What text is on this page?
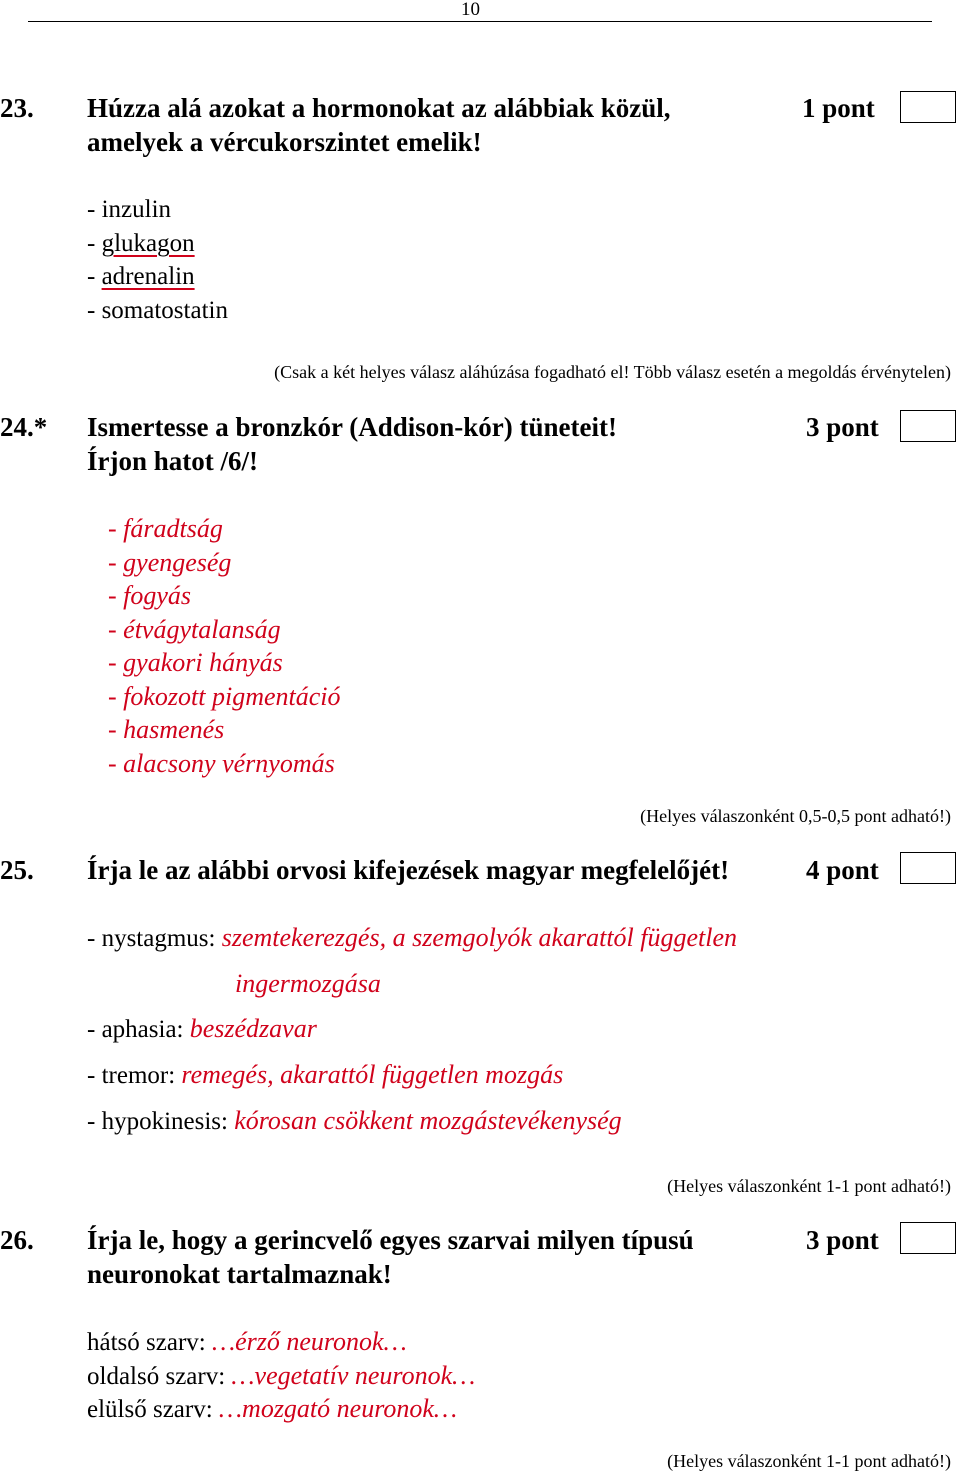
10
23. Húzza alá azokat a hormonokat az alábbiak közül,
amelyek a vércukorszintet emelik!
1 pont
- inzulin
- glukagon
- adrenalin
- somatostatin
(Csak a két helyes válasz aláhúzása fogadható el! Több válasz esetén a megoldás érvénytelen)
24.* Ismertesse a bronzkór (Addison-kór) tüneteit!
Írjon hatot /6/!
3 pont
- fáradtság
- gyengeség
- fogyás
- étvágytalanság
- gyakori hányás
- fokozott pigmentáció
- hasmenés
- alacsony vérnyomás
(Helyes válaszonként 0,5-0,5 pont adható!)
25. Írja le az alábbi orvosi kifejezések magyar megfelelőjét!	4 pont
- nystagmus: szemtekerezgés, a szemgolyók akarattól független
ingermozgása
- aphasia: beszédzavar
- tremor: remegés, akarattól független mozgás
- hypokinesis: kórosan csökkent mozgástevékenység
(Helyes válaszonként 1-1 pont adható!)
26. Írja le, hogy a gerincvelő egyes szarvai milyen típusú
neuronokat tartalmaznak!
3 pont
hátsó szarv: …érző neuronok…
oldalsó szarv: …vegetatív neuronok…
elülső szarv: …mozgató neuronok…
(Helyes válaszonként 1-1 pont adható!)
